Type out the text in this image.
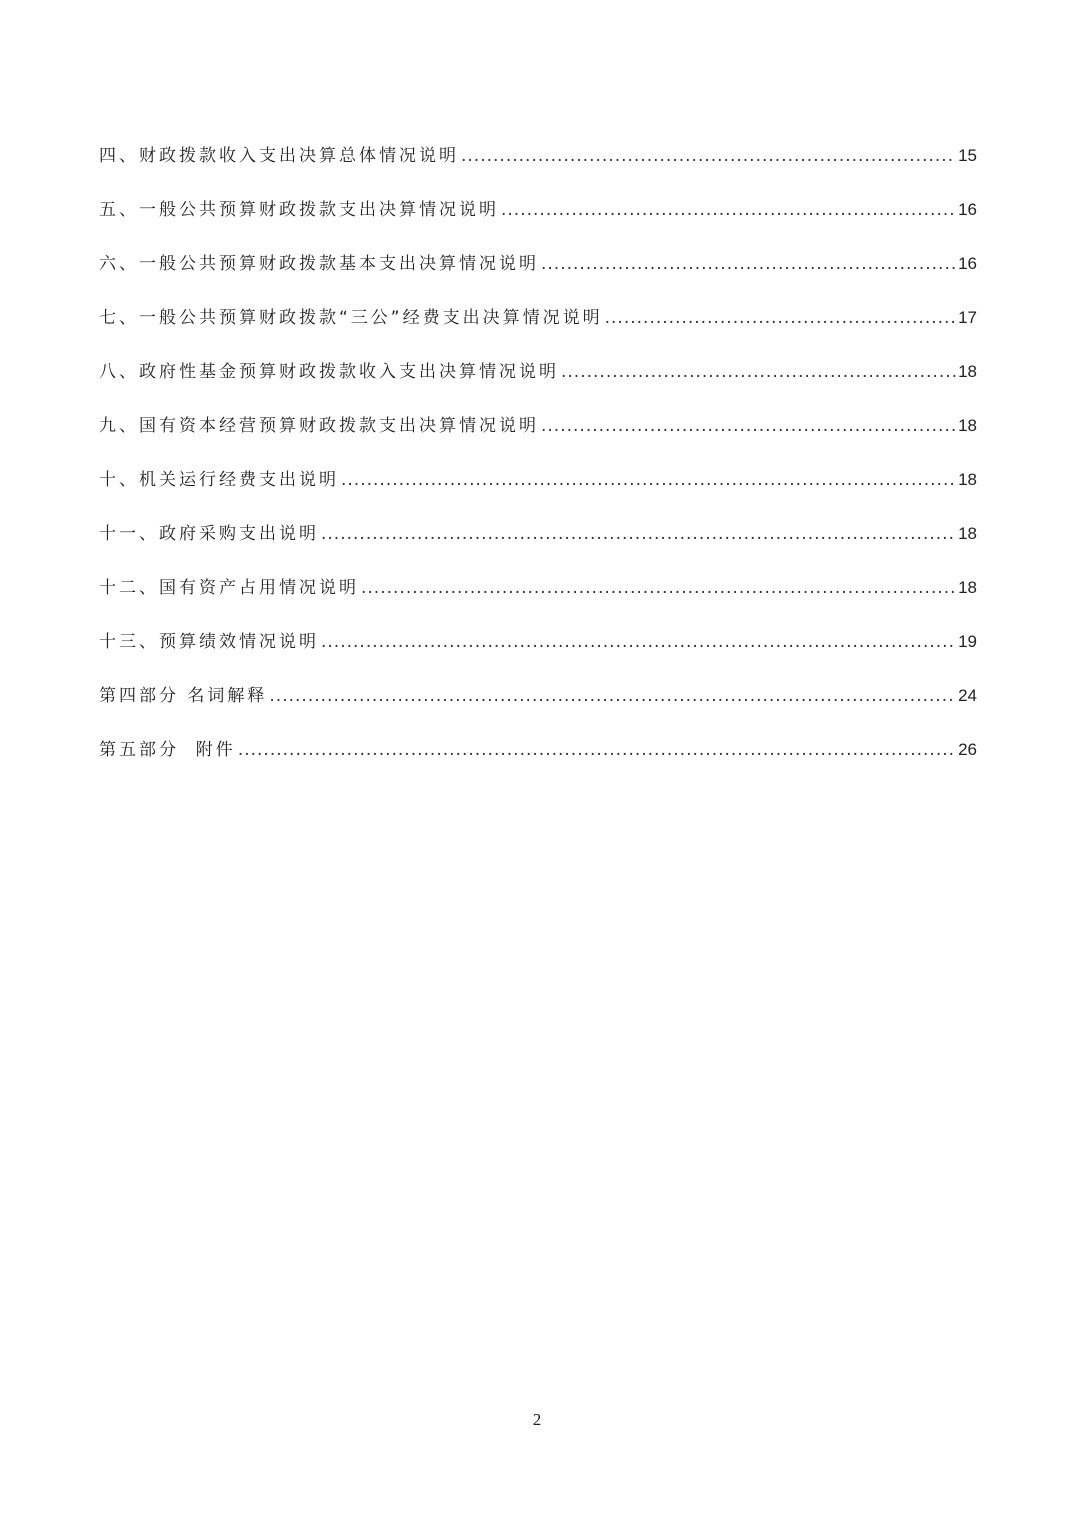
四、财政拨款收入支出决算总体情况说明 .....	15
五、一般公共预算财政拨款支出决算情况说明 .....	16
六、一般公共预算财政拨款基本支出决算情况说明 .....	16
七、一般公共预算财政拨款“三公”经费支出决算情况说明 .....	17
八、政府性基金预算财政拨款收入支出决算情况说明 .....	18
九、国有资本经营预算财政拨款支出决算情况说明 .....	18
十、机关运行经费支出说明 .....	18
十一、政府采购支出说明 .....	18
十二、国有资产占用情况说明 .....	18
十三、预算绩效情况说明 .....	19
第四部分 名词解释 .....	24
第五部分  附件 .....	26
2
